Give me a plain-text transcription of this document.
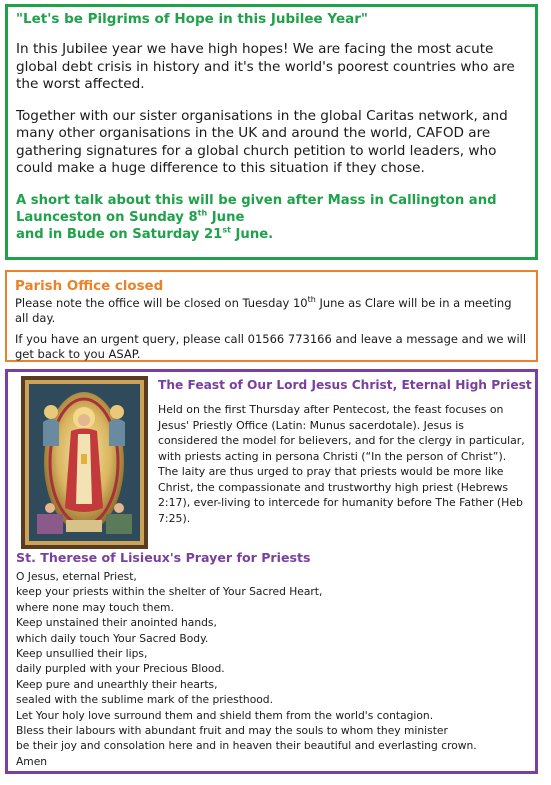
"Let's be Pilgrims of Hope in this Jubilee Year"

In this Jubilee year we have high hopes! We are facing the most acute global debt crisis in history and it's the world's poorest countries who are the worst affected.

Together with our sister organisations in the global Caritas network, and many other organisations in the UK and around the world, CAFOD are gathering signatures for a global church petition to world leaders, who could make a huge difference to this situation if they chose.

A short talk about this will be given after Mass in Callington and Launceston on Sunday 8th June
and in Bude on Saturday 21st June.

Parish Office closed

Please note the office will be closed on Tuesday 10th June as Clare will be in a meeting all day.

If you have an urgent query, please call 01566 773166 and leave a message and we will get back to you ASAP.

The Feast of Our Lord Jesus Christ, Eternal High Priest

Held on the first Thursday after Pentecost, the feast focuses on Jesus' Priestly Office (Latin: Munus sacerdotale). Jesus is considered the model for believers, and for the clergy in particular, with priests acting in persona Christi (“In the person of Christ”). The laity are thus urged to pray that priests would be more like Christ, the compassionate and trustworthy high priest (Hebrews 2:17), ever-living to intercede for humanity before The Father (Heb 7:25).

St. Therese of Lisieux's Prayer for Priests
O Jesus, eternal Priest,
keep your priests within the shelter of Your Sacred Heart,
where none may touch them.
Keep unstained their anointed hands,
which daily touch Your Sacred Body.
Keep unsullied their lips,
daily purpled with your Precious Blood.
Keep pure and unearthly their hearts,
sealed with the sublime mark of the priesthood.
Let Your holy love surround them and shield them from the world's contagion.
Bless their labours with abundant fruit and may the souls to whom they minister
be their joy and consolation here and in heaven their beautiful and everlasting crown.
Amen
